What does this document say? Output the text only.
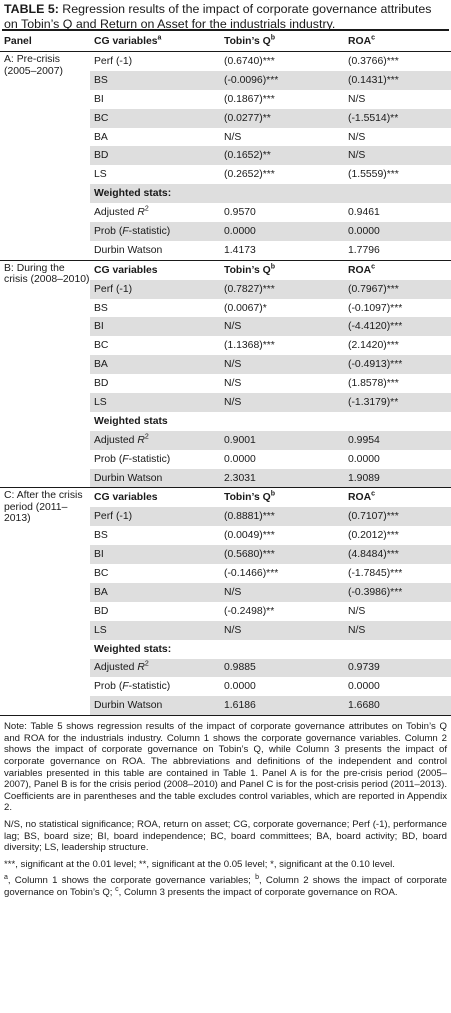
TABLE 5: Regression results of the impact of corporate governance attributes on Tobin’s Q and Return on Asset for the industrials industry.
Panel	CG variables$^a$	Tobin’s $Q^b$	ROA$^c$
A: Pre-crisis (2005–2007)	Perf (-1)	(0.6740)***	(0.3766)***
	BS	(-0.0096)***	(0.1431)***
	BI	(0.1867)***	N/S
	BC	(0.0277)**	(-1.5514)**
	BA	N/S	N/S
	BD	(0.1652)**	N/S
	LS	(0.2652)***	(1.5559)***
	Weighted stats:		
	Adjusted $R^2$	0.9570	0.9461
	Prob (F-statistic)	0.0000	0.0000
	Durbin Watson	1.4173	1.7796
B: During the crisis (2008–2010)	CG variables	Tobin’s $Q^b$	ROA$^c$
	Perf (-1)	(0.7827)***	(0.7967)***
	BS	(0.0067)*	(-0.1097)***
	BI	N/S	(-4.4120)***
	BC	(1.1368)***	(2.1420)***
	BA	N/S	(-0.4913)***
	BD	N/S	(1.8578)***
	LS	N/S	(-1.3179)**
	Weighted stats		
	Adjusted $R^2$	0.9001	0.9954
	Prob (F-statistic)	0.0000	0.0000
	Durbin Watson	2.3031	1.9089
C: After the crisis period (2011–2013)	CG variables	Tobin’s $Q^b$	ROA$^c$
	Perf (-1)	(0.8881)***	(0.7107)***
	BS	(0.0049)***	(0.2012)***
	BI	(0.5680)***	(4.8484)***
	BC	(-0.1466)***	(-1.7845)***
	BA	N/S	(-0.3986)***
	BD	(-0.2498)**	N/S
	LS	N/S	N/S
	Weighted stats:		
	Adjusted $R^2$	0.9885	0.9739
	Prob (F-statistic)	0.0000	0.0000
	Durbin Watson	1.6186	1.6680

Note: Table 5 shows regression results of the impact of corporate governance attributes on Tobin’s Q and ROA for the industrials industry. Column 1 shows the corporate governance variables. Column 2 shows the impact of corporate governance on Tobin’s Q, while Column 3 presents the impact of corporate governance on ROA. The abbreviations and definitions of the independent and control variables presented in this table are contained in Table 1. Panel A is for the pre-crisis period (2005–2007), Panel B is for the crisis period (2008–2010) and Panel C is for the post-crisis period (2011–2013). Coefficients are in parentheses and the table excludes control variables, which are reported in Appendix 2.

N/S, no statistical significance; ROA, return on asset; CG, corporate governance; Perf (-1), performance lag; BS, board size; BI, board independence; BC, board committees; BA, board activity; BD, board diversity; LS, leadership structure.

***, significant at the 0.01 level; **, significant at the 0.05 level; *, significant at the 0.10 level.

$^a$, Column 1 shows the corporate governance variables; $^b$, Column 2 shows the impact of corporate governance on Tobin’s Q; $^c$, Column 3 presents the impact of corporate governance on ROA.
